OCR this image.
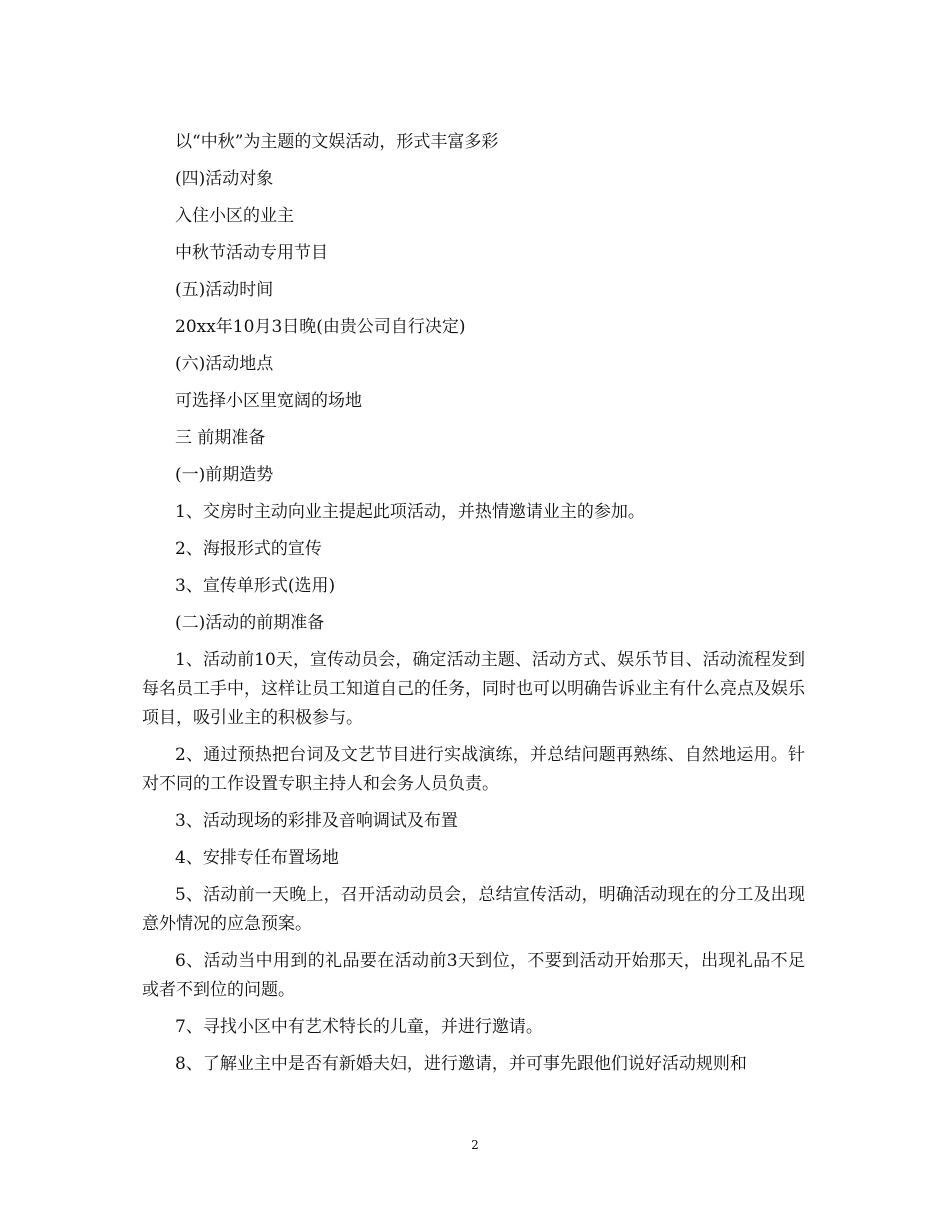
以“中秋”为主题的文娱活动，形式丰富多彩
(四)活动对象
入住小区的业主
中秋节活动专用节目
(五)活动时间
20xx年10月3日晚(由贵公司自行决定)
(六)活动地点
可选择小区里宽阔的场地
三 前期准备
(一)前期造势
1、交房时主动向业主提起此项活动，并热情邀请业主的参加。
2、海报形式的宣传
3、宣传单形式(选用)
(二)活动的前期准备
1、活动前10天，宣传动员会，确定活动主题、活动方式、娱乐节目、活动流程发到每名员工手中，这样让员工知道自己的任务，同时也可以明确告诉业主有什么亮点及娱乐项目，吸引业主的积极参与。
2、通过预热把台词及文艺节目进行实战演练，并总结问题再熟练、自然地运用。针对不同的工作设置专职主持人和会务人员负责。
3、活动现场的彩排及音响调试及布置
4、安排专任布置场地
5、活动前一天晚上，召开活动动员会，总结宣传活动，明确活动现在的分工及出现意外情况的应急预案。
6、活动当中用到的礼品要在活动前3天到位，不要到活动开始那天，出现礼品不足或者不到位的问题。
7、寻找小区中有艺术特长的儿童，并进行邀请。
8、了解业主中是否有新婚夫妇，进行邀请，并可事先跟他们说好活动规则和
2
